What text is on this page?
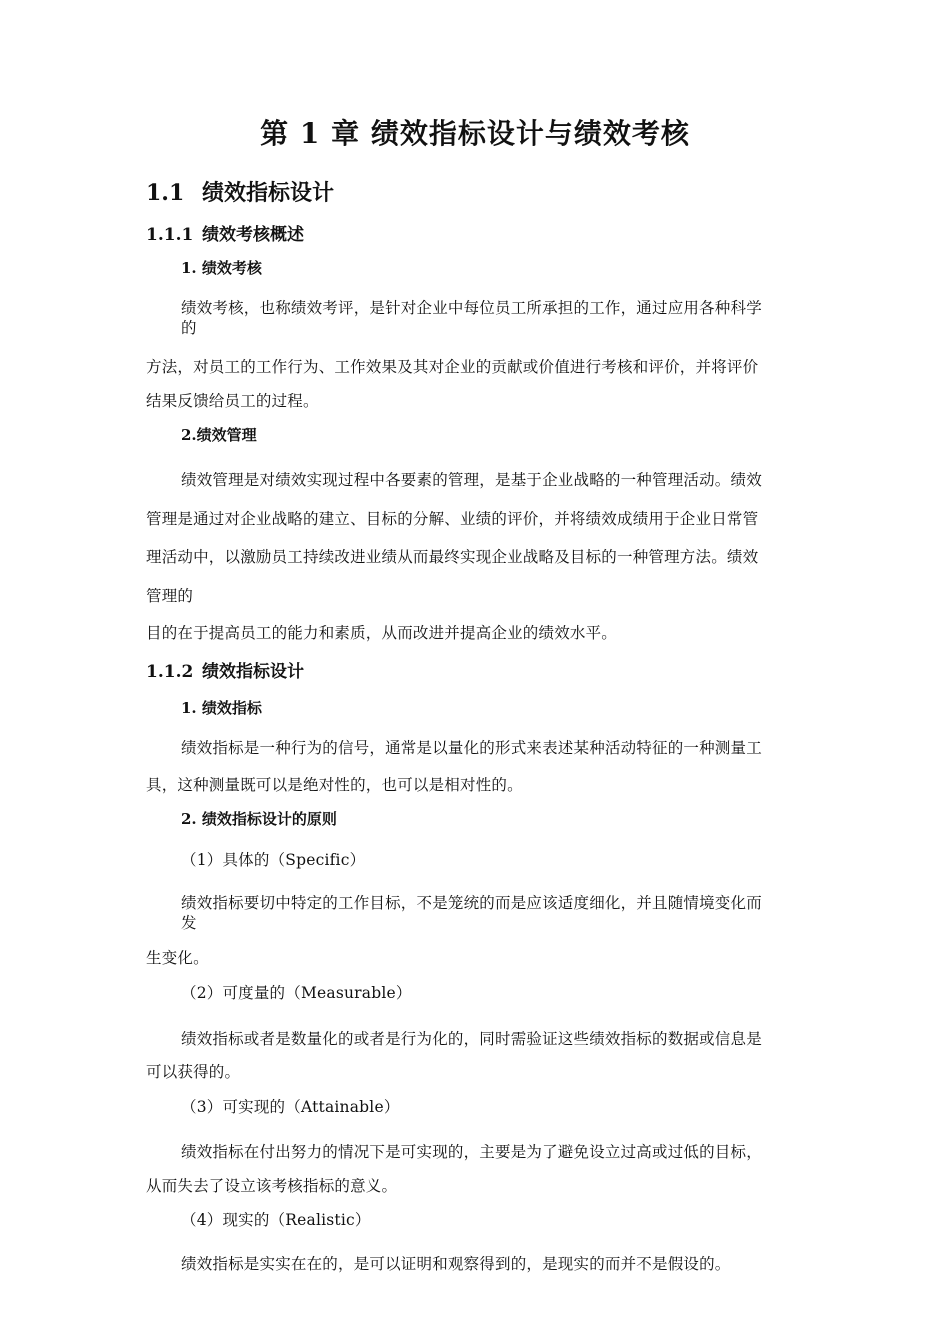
第 1 章 绩效指标设计与绩效考核
1.1 绩效指标设计
1.1.1 绩效考核概述
1. 绩效考核
绩效考核，也称绩效考评，是针对企业中每位员工所承担的工作，通过应用各种科学
的
方法，对员工的工作行为、工作效果及其对企业的贡献或价值进行考核和评价，并将评价
结果反馈给员工的过程。
2.绩效管理
绩效管理是对绩效实现过程中各要素的管理，是基于企业战略的一种管理活动。绩效
管理是通过对企业战略的建立、目标的分解、业绩的评价，并将绩效成绩用于企业日常管
理活动中，以激励员工持续改进业绩从而最终实现企业战略及目标的一种管理方法。绩效
管理的
目的在于提高员工的能力和素质，从而改进并提高企业的绩效水平。
1.1.2 绩效指标设计
1. 绩效指标
绩效指标是一种行为的信号，通常是以量化的形式来表述某种活动特征的一种测量工
具，这种测量既可以是绝对性的，也可以是相对性的。
2. 绩效指标设计的原则
（1）具体的（Specific）
绩效指标要切中特定的工作目标，不是笼统的而是应该适度细化，并且随情境变化而
发
生变化。
（2）可度量的（Measurable）
绩效指标或者是数量化的或者是行为化的，同时需验证这些绩效指标的数据或信息是
可以获得的。
（3）可实现的（Attainable）
绩效指标在付出努力的情况下是可实现的，主要是为了避免设立过高或过低的目标，
从而失去了设立该考核指标的意义。
（4）现实的（Realistic）
绩效指标是实实在在的，是可以证明和观察得到的，是现实的而并不是假设的。
